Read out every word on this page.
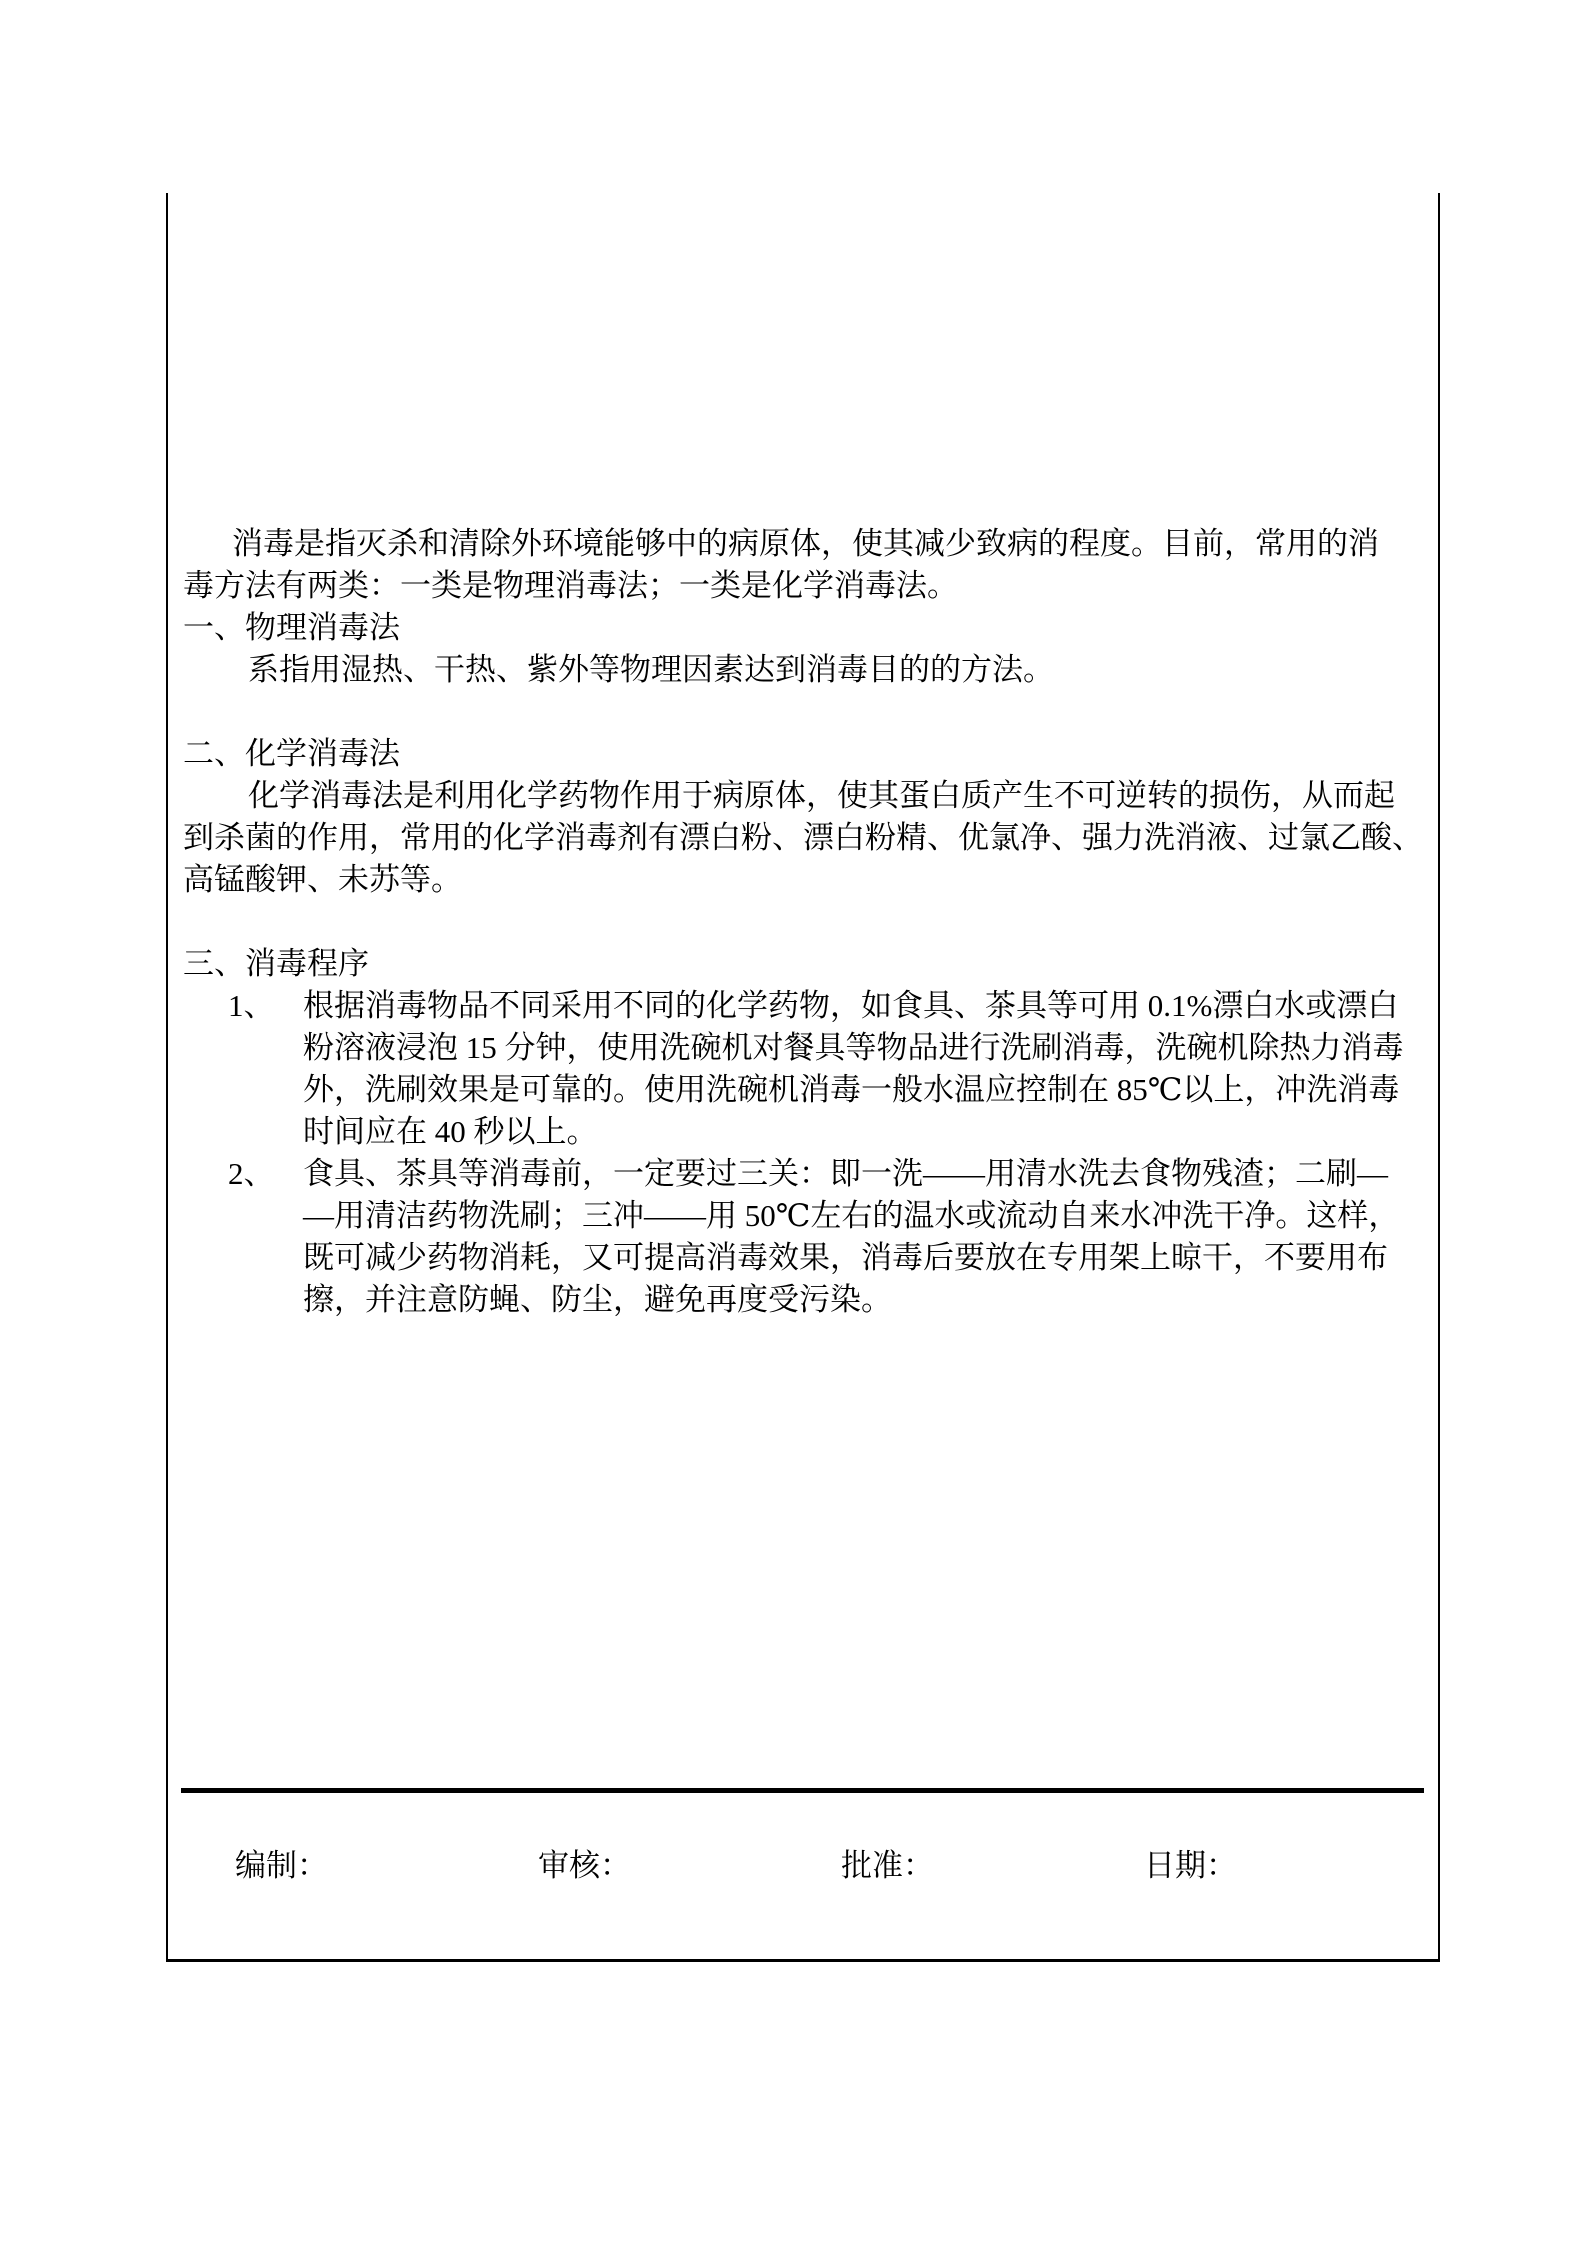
消毒是指灭杀和清除外环境能够中的病原体，使其减少致病的程度。目前，常用的消
毒方法有两类：一类是物理消毒法；一类是化学消毒法。
一、物理消毒法
系指用湿热、干热、紫外等物理因素达到消毒目的的方法。
二、化学消毒法
化学消毒法是利用化学药物作用于病原体，使其蛋白质产生不可逆转的损伤，从而起
到杀菌的作用，常用的化学消毒剂有漂白粉、漂白粉精、优氯净、强力洗消液、过氯乙酸、
高锰酸钾、未苏等。
三、消毒程序
1、 根据消毒物品不同采用不同的化学药物，如食具、茶具等可用 0.1%漂白水或漂白
粉溶液浸泡 15 分钟，使用洗碗机对餐具等物品进行洗刷消毒，洗碗机除热力消毒
外，洗刷效果是可靠的。使用洗碗机消毒一般水温应控制在 85℃以上，冲洗消毒
时间应在 40 秒以上。
2、 食具、茶具等消毒前，一定要过三关：即一洗——用清水洗去食物残渣；二刷—
—用清洁药物洗刷；三冲——用 50℃左右的温水或流动自来水冲洗干净。这样，
既可减少药物消耗，又可提高消毒效果，消毒后要放在专用架上晾干，不要用布
擦，并注意防蝇、防尘，避免再度受污染。
编制：	审核：	批准：	日期：
